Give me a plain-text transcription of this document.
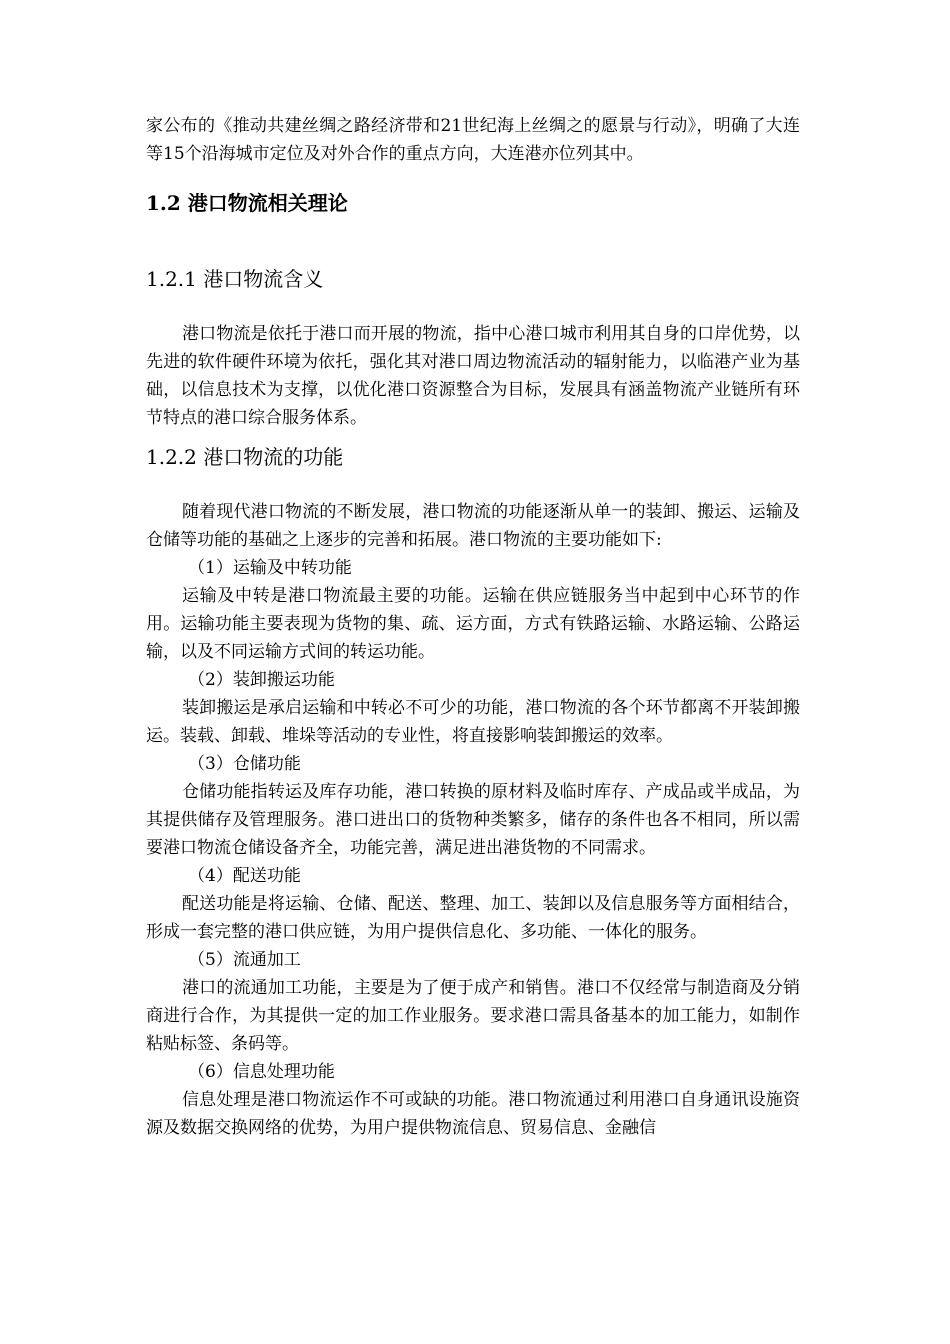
家公布的《推动共建丝绸之路经济带和21世纪海上丝绸之的愿景与行动》，明确了大连等15个沿海城市定位及对外合作的重点方向，大连港亦位列其中。

1.2 港口物流相关理论
1.2.1 港口物流含义

港口物流是依托于港口而开展的物流，指中心港口城市利用其自身的口岸优势，以先进的软件硬件环境为依托，强化其对港口周边物流活动的辐射能力，以临港产业为基础，以信息技术为支撑，以优化港口资源整合为目标，发展具有涵盖物流产业链所有环节特点的港口综合服务体系。

1.2.2 港口物流的功能

随着现代港口物流的不断发展，港口物流的功能逐渐从单一的装卸、搬运、运输及仓储等功能的基础之上逐步的完善和拓展。港口物流的主要功能如下:

（1）运输及中转功能

运输及中转是港口物流最主要的功能。运输在供应链服务当中起到中心环节的作用。运输功能主要表现为货物的集、疏、运方面，方式有铁路运输、水路运输、公路运输，以及不同运输方式间的转运功能。

（2）装卸搬运功能

装卸搬运是承启运输和中转必不可少的功能，港口物流的各个环节都离不开装卸搬运。装载、卸载、堆垛等活动的专业性，将直接影响装卸搬运的效率。

（3）仓储功能

仓储功能指转运及库存功能，港口转换的原材料及临时库存、产成品或半成品，为其提供储存及管理服务。港口进出口的货物种类繁多，储存的条件也各不相同，所以需要港口物流仓储设备齐全，功能完善，满足进出港货物的不同需求。

（4）配送功能

配送功能是将运输、仓储、配送、整理、加工、装卸以及信息服务等方面相结合，形成一套完整的港口供应链，为用户提供信息化、多功能、一体化的服务。

（5）流通加工

港口的流通加工功能，主要是为了便于成产和销售。港口不仅经常与制造商及分销商进行合作，为其提供一定的加工作业服务。要求港口需具备基本的加工能力，如制作粘贴标签、条码等。

（6）信息处理功能

信息处理是港口物流运作不可或缺的功能。港口物流通过利用港口自身通讯设施资源及数据交换网络的优势，为用户提供物流信息、贸易信息、金融信
